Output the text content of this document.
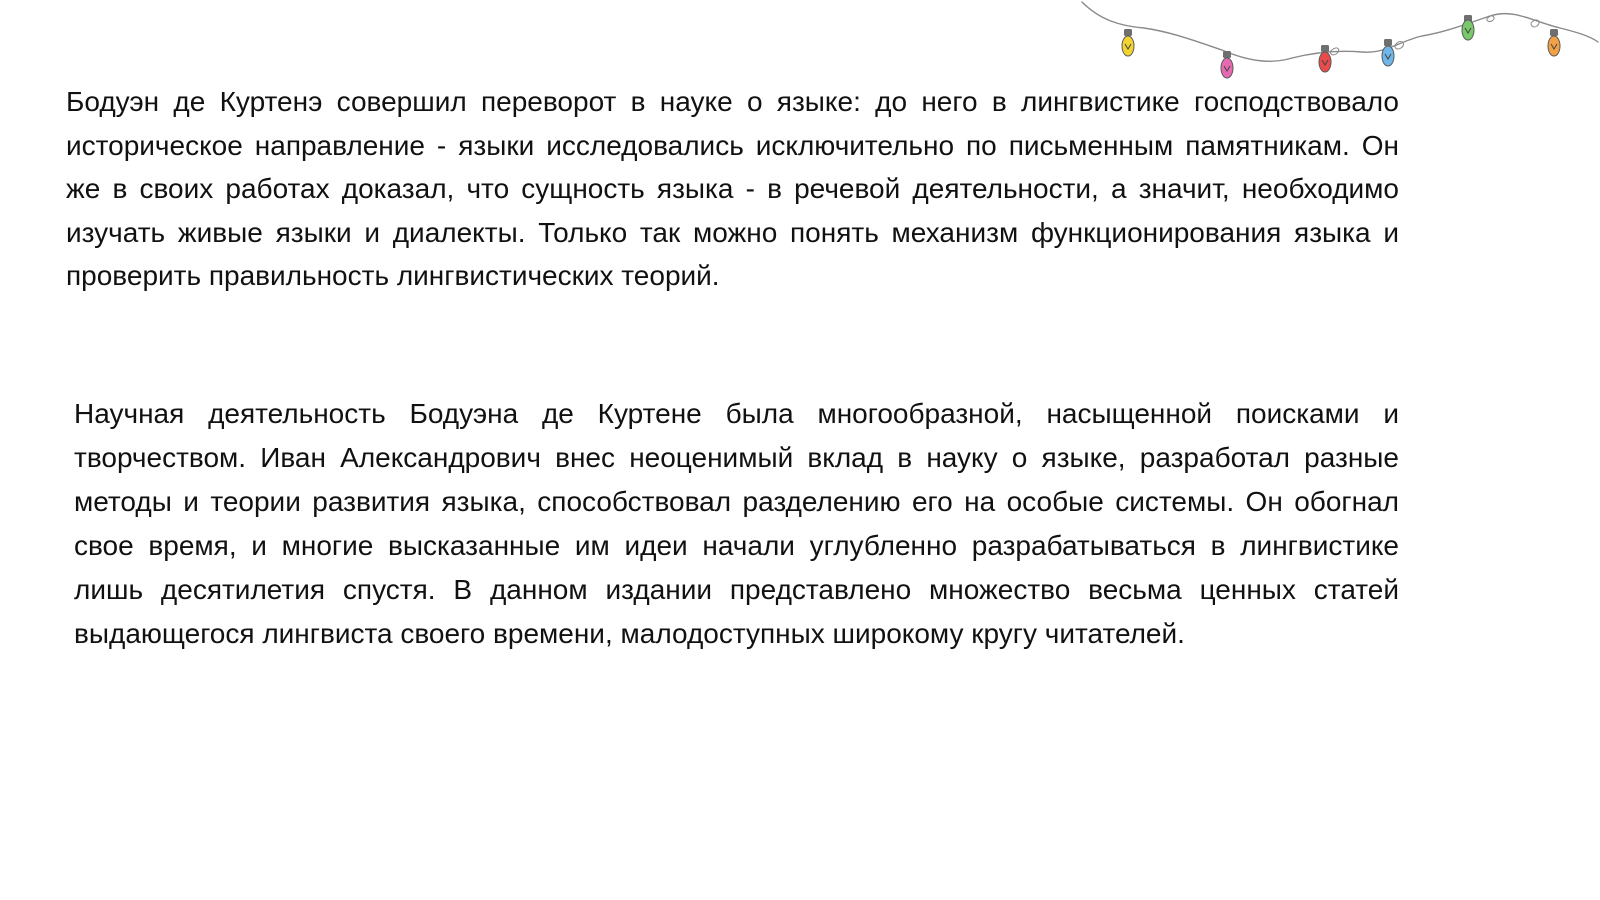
Бодуэн де Куртенэ совершил переворот в науке о языке: до него в лингвистике господствовало историческое направление - языки исследовались исключительно по письменным памятникам. Он же в своих работах доказал, что сущность языка - в речевой деятельности, а значит, необходимо изучать живые языки и диалекты. Только так можно понять механизм функционирования языка и проверить правильность лингвистических теорий.

Научная деятельность Бодуэна де Куртене была многообразной, насыщенной поисками и творчеством. Иван Александрович внес неоценимый вклад в науку о языке, разработал разные методы и теории развития языка, способствовал разделению его на особые системы. Он обогнал свое время, и многие высказанные им идеи начали углубленно разрабатываться в лингвистике лишь десятилетия спустя. В данном издании представлено множество весьма ценных статей выдающегося лингвиста своего времени, малодоступных широкому кругу читателей.
